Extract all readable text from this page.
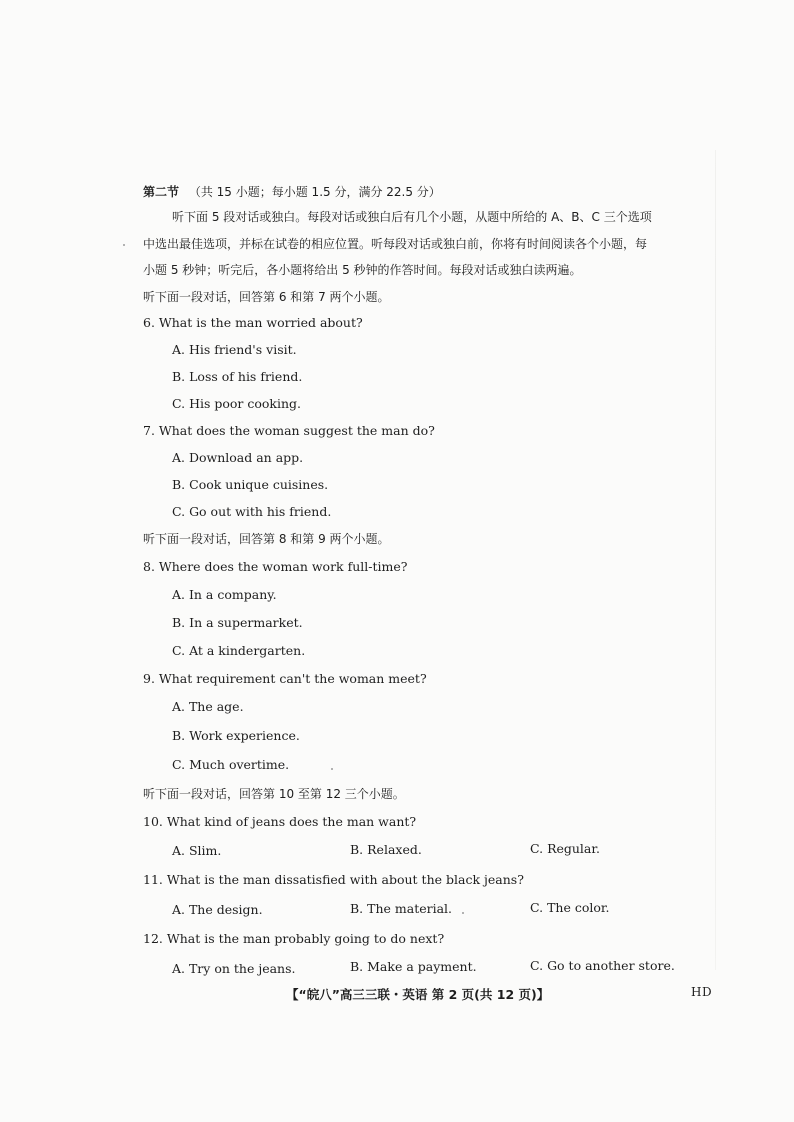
第二节 （共 15 小题；每小题 1.5 分，满分 22.5 分）
听下面 5 段对话或独白。每段对话或独白后有几个小题，从题中所给的 A、B、C 三个选项
中选出最佳选项，并标在试卷的相应位置。听每段对话或独白前，你将有时间阅读各个小题，每
小题 5 秒钟；听完后，各小题将给出 5 秒钟的作答时间。每段对话或独白读两遍。
听下面一段对话，回答第 6 和第 7 两个小题。
6. What is the man worried about?
A. His friend's visit.
B. Loss of his friend.
C. His poor cooking.
7. What does the woman suggest the man do?
A. Download an app.
B. Cook unique cuisines.
C. Go out with his friend.
听下面一段对话，回答第 8 和第 9 两个小题。
8. Where does the woman work full-time?
A. In a company.
B. In a supermarket.
C. At a kindergarten.
9. What requirement can't the woman meet?
A. The age.
B. Work experience.
C. Much overtime.
听下面一段对话，回答第 10 至第 12 三个小题。
10. What kind of jeans does the man want?
A. Slim.	B. Relaxed.	C. Regular.
11. What is the man dissatisfied with about the black jeans?
A. The design.	B. The material.	C. The color.
12. What is the man probably going to do next?
A. Try on the jeans.	B. Make a payment.	C. Go to another store.
【“皖八”高三三联・英语 第 2 页(共 12 页)】	HD
